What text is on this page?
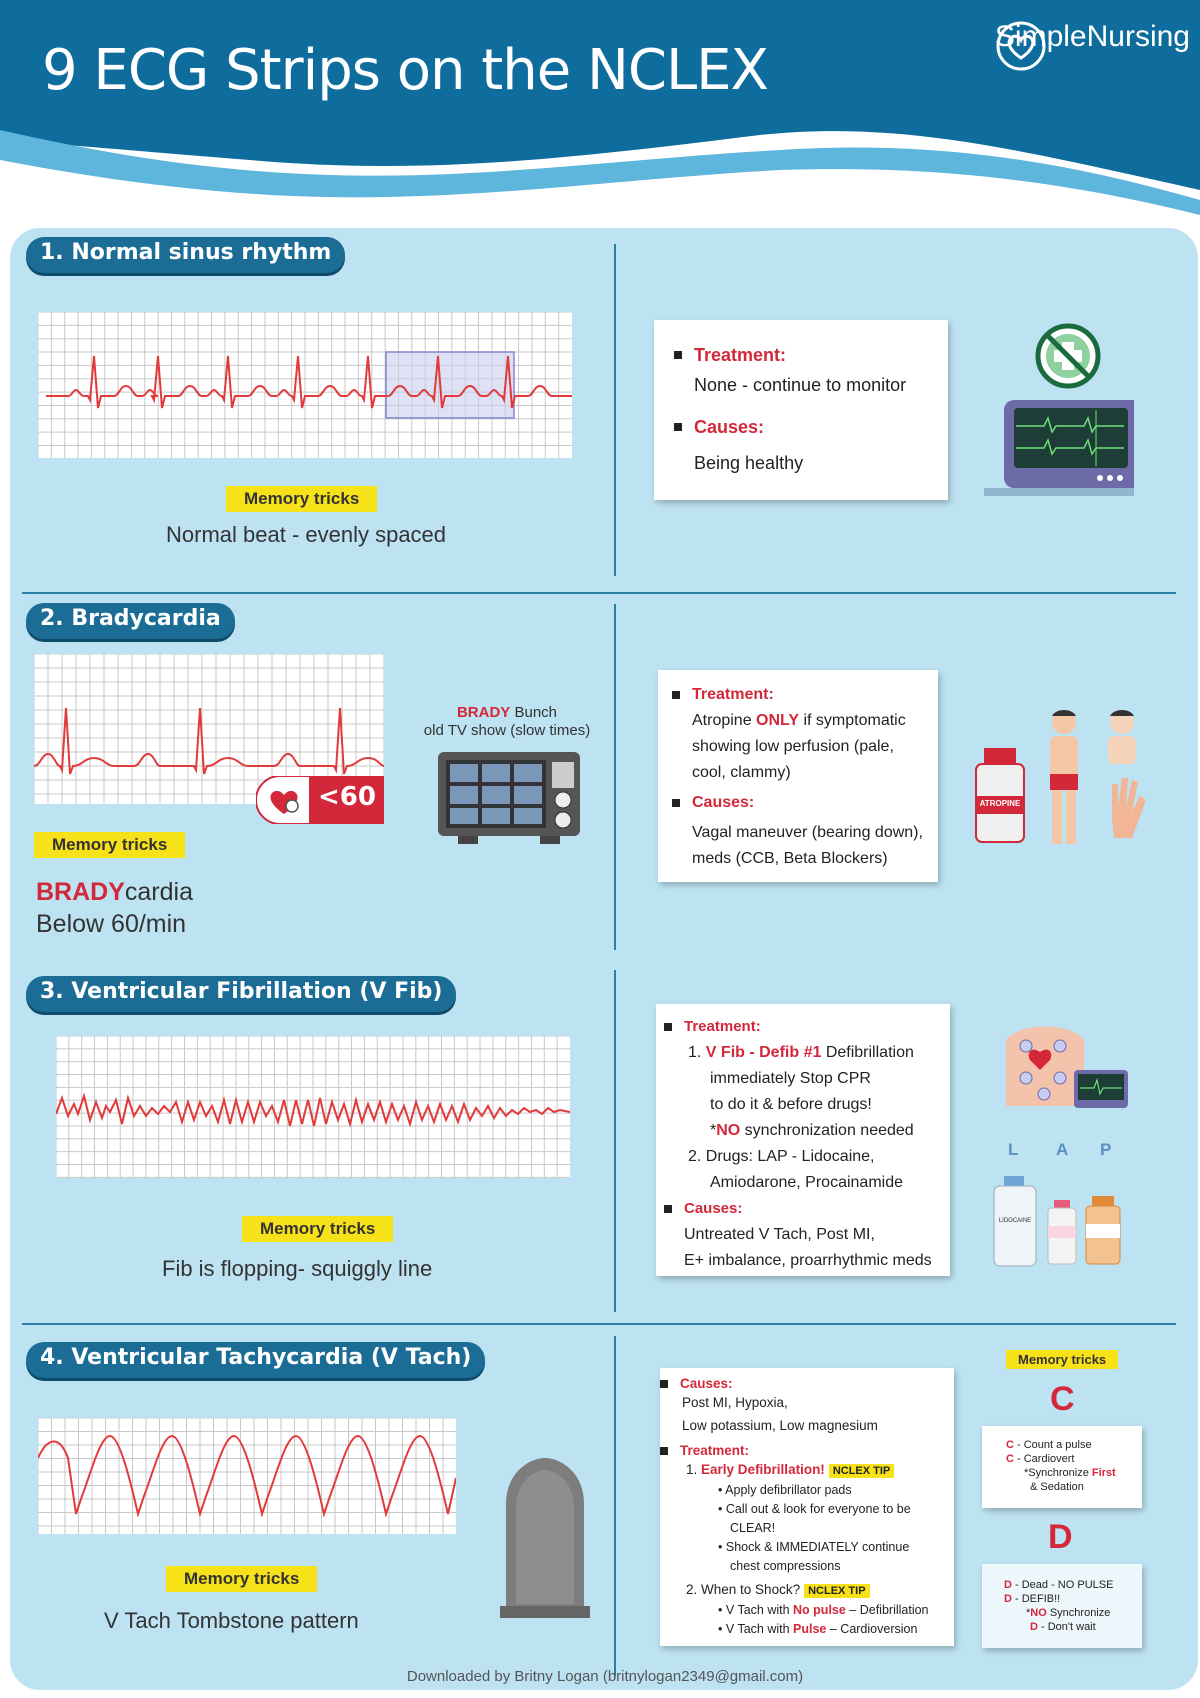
9 ECG Strips on the NCLEX
SimpleNursing
1. Normal sinus rhythm
Memory tricks
Normal beat - evenly spaced
Treatment:
None - continue to monitor
Causes:
Being healthy
2. Bradycardia
<60
BRADY Bunch
old TV show (slow times)
Memory tricks
BRADYcardia
Below 60/min
Treatment:
Atropine ONLY if symptomatic
showing low perfusion (pale,
cool, clammy)
Causes:
Vagal maneuver (bearing down),
meds (CCB, Beta Blockers)
ATROPINE
3. Ventricular Fibrillation (V Fib)
Memory tricks
Fib is flopping- squiggly line
Treatment:
1. V Fib - Defib #1 Defibrillation
immediately Stop CPR
to do it & before drugs!
*NO synchronization needed
2. Drugs: LAP - Lidocaine,
Amiodarone, Procainamide
Causes:
Untreated V Tach, Post MI,
E+ imbalance, proarrhythmic meds
L A P
LIDOCAINE
4. Ventricular Tachycardia (V Tach)
Memory tricks
V Tach Tombstone pattern
Causes:
Post MI, Hypoxia,
Low potassium, Low magnesium
Treatment:
1. Early Defibrillation! NCLEX TIP
• Apply defibrillator pads
• Call out & look for everyone to be
CLEAR!
• Shock & IMMEDIATELY continue
chest compressions
2. When to Shock? NCLEX TIP
• V Tach with No pulse – Defibrillation
• V Tach with Pulse – Cardioversion
Memory tricks
C
C - Count a pulse
C - Cardiovert
*Synchronize First
& Sedation
D
D - Dead - NO PULSE
D - DEFIB!!
*NO Synchronize
D - Don't wait
Downloaded by Britny Logan (britnylogan2349@gmail.com)
